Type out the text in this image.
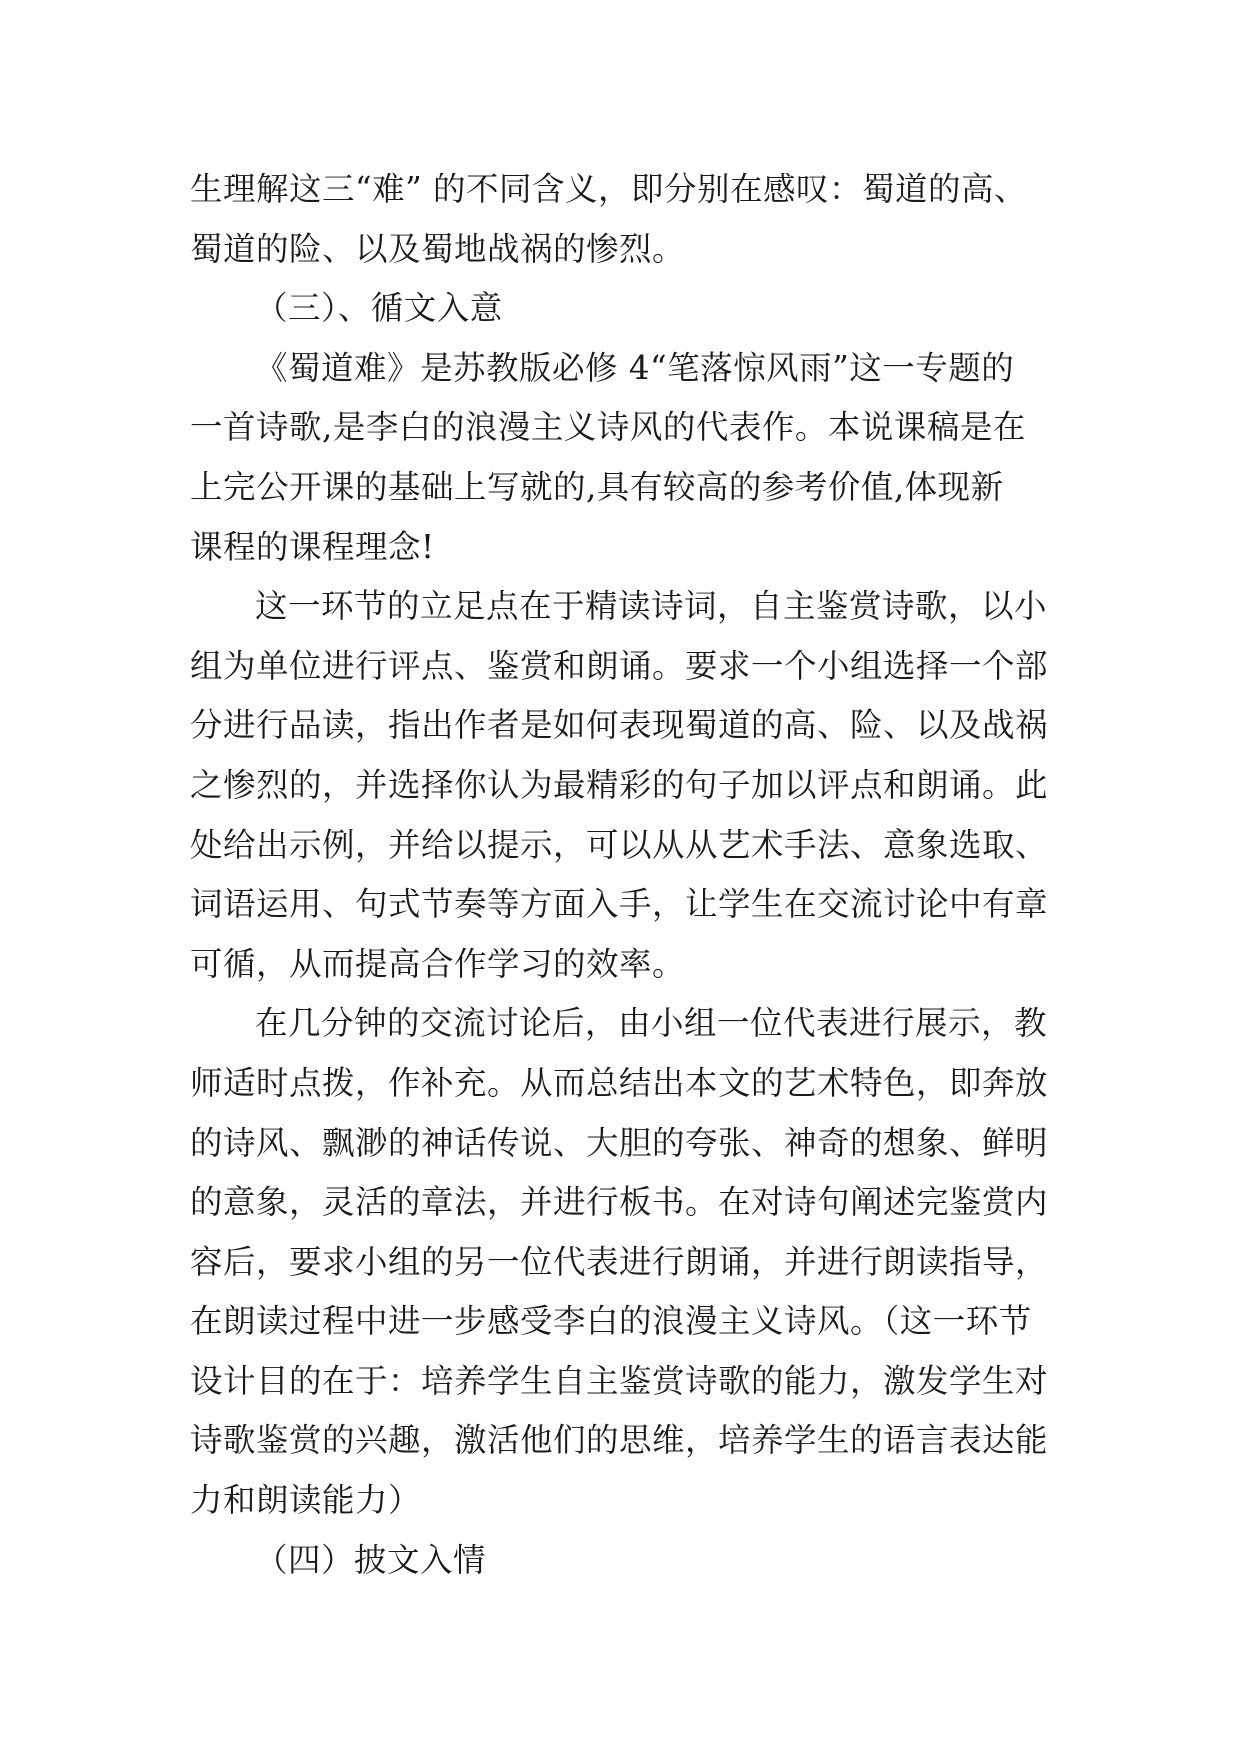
生理解这三“难” 的不同含义，即分别在感叹：蜀道的高、
蜀道的险、以及蜀地战祸的惨烈。
（三）、循文入意
《蜀道难》是苏教版必修 4“笔落惊风雨”这一专题的
一首诗歌,是李白的浪漫主义诗风的代表作。本说课稿是在
上完公开课的基础上写就的,具有较高的参考价值,体现新
课程的课程理念!
这一环节的立足点在于精读诗词，自主鉴赏诗歌，以小
组为单位进行评点、鉴赏和朗诵。要求一个小组选择一个部
分进行品读，指出作者是如何表现蜀道的高、险、以及战祸
之惨烈的，并选择你认为最精彩的句子加以评点和朗诵。此
处给出示例，并给以提示，可以从从艺术手法、意象选取、
词语运用、句式节奏等方面入手，让学生在交流讨论中有章
可循，从而提高合作学习的效率。
在几分钟的交流讨论后，由小组一位代表进行展示，教
师适时点拨，作补充。从而总结出本文的艺术特色，即奔放
的诗风、飘渺的神话传说、大胆的夸张、神奇的想象、鲜明
的意象，灵活的章法，并进行板书。在对诗句阐述完鉴赏内
容后，要求小组的另一位代表进行朗诵，并进行朗读指导，
在朗读过程中进一步感受李白的浪漫主义诗风。（这一环节
设计目的在于：培养学生自主鉴赏诗歌的能力，激发学生对
诗歌鉴赏的兴趣，激活他们的思维，培养学生的语言表达能
力和朗读能力）
（四）披文入情
